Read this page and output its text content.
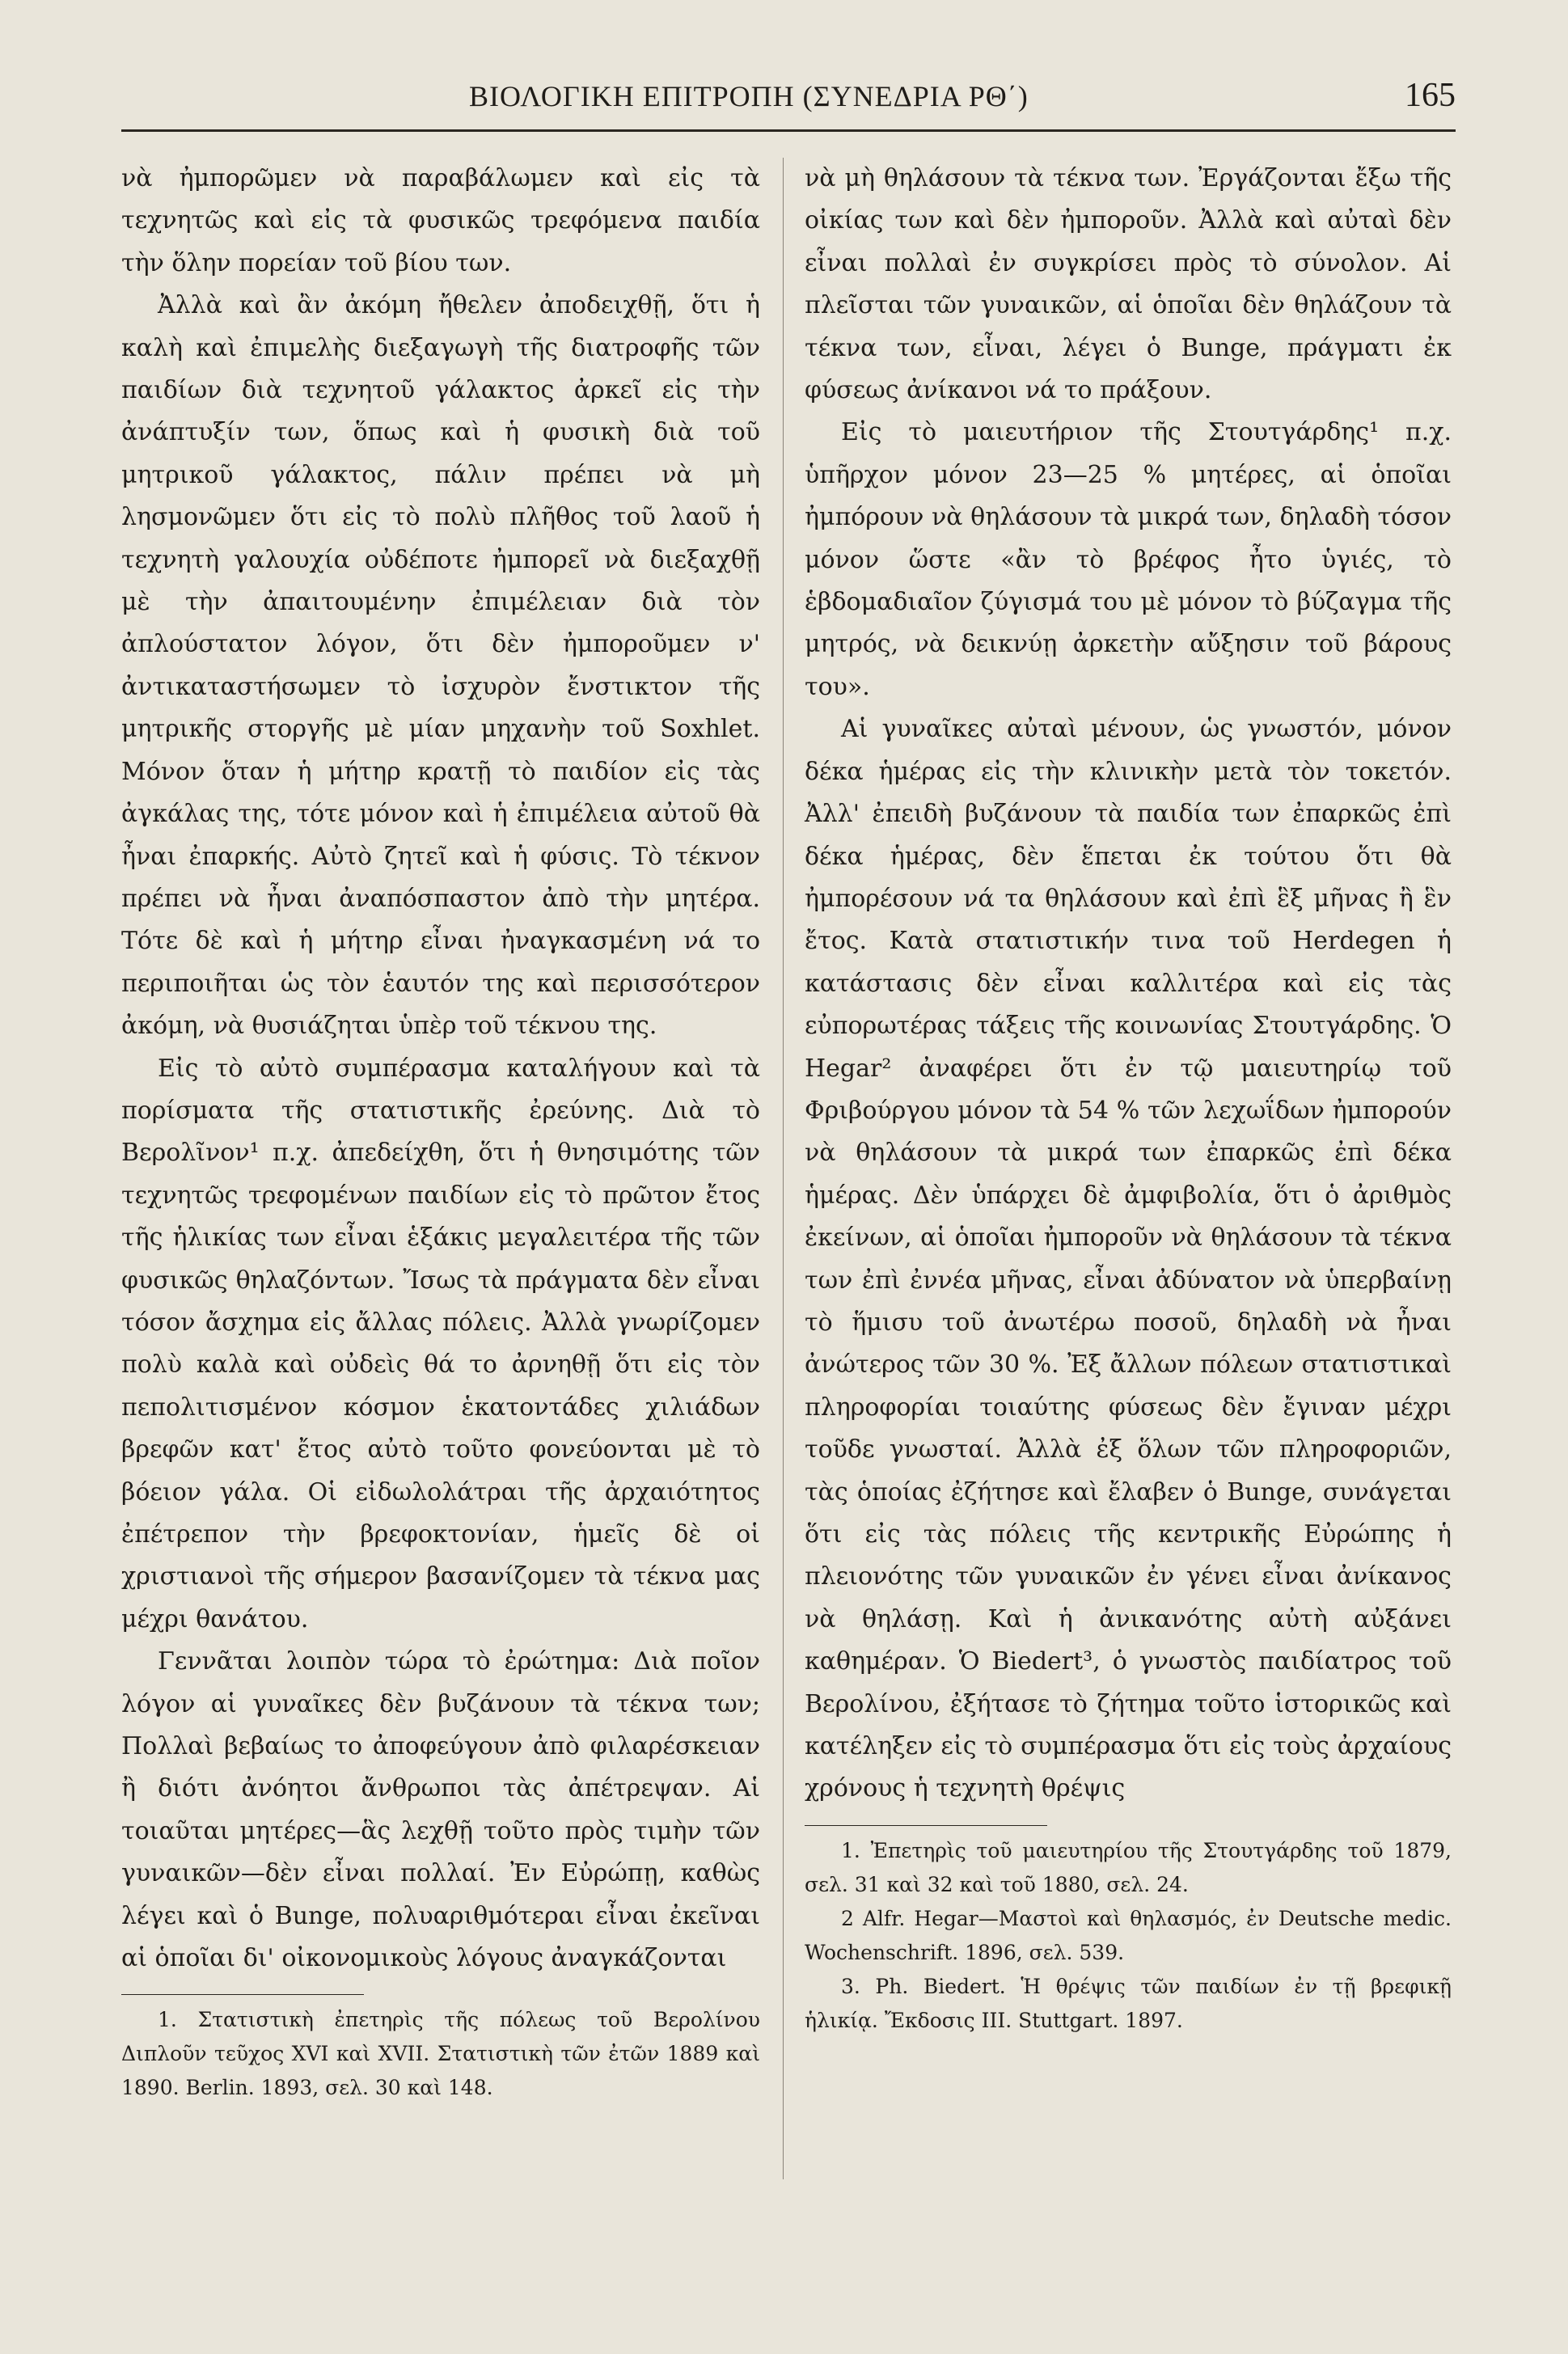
ΒΙΟΛΟΓΙΚΗ ΕΠΙΤΡΟΠΗ (ΣΥΝΕΔΡΙΑ ΡΘ΄)	165

νὰ ἠμπορῶμεν νὰ παραβάλωμεν καὶ εἰς τὰ τεχνητῶς καὶ εἰς τὰ φυσικῶς τρεφόμενα παιδία τὴν ὅλην πορείαν τοῦ βίου των.

Ἀλλὰ καὶ ἂν ἀκόμη ἤθελεν ἀποδειχθῇ, ὅτι ἡ καλὴ καὶ ἐπιμελὴς διεξαγωγὴ τῆς διατροφῆς τῶν παιδίων διὰ τεχνητοῦ γάλακτος ἀρκεῖ εἰς τὴν ἀνάπτυξίν των, ὅπως καὶ ἡ φυσικὴ διὰ τοῦ μητρικοῦ γάλακτος, πάλιν πρέπει νὰ μὴ λησμονῶμεν ὅτι εἰς τὸ πολὺ πλῆθος τοῦ λαοῦ ἡ τεχνητὴ γαλουχία οὐδέποτε ἠμπορεῖ νὰ διεξαχθῇ μὲ τὴν ἀπαιτουμένην ἐπιμέλειαν διὰ τὸν ἀπλούστατον λόγον, ὅτι δὲν ἠμποροῦμεν ν' ἀντικαταστήσωμεν τὸ ἰσχυρὸν ἔνστικτον τῆς μητρικῆς στοργῆς μὲ μίαν μηχανὴν τοῦ Soxhlet. Μόνον ὅταν ἡ μήτηρ κρατῇ τὸ παιδίον εἰς τὰς ἀγκάλας της, τότε μόνον καὶ ἡ ἐπιμέλεια αὐτοῦ θὰ ἦναι ἐπαρκής. Αὐτὸ ζητεῖ καὶ ἡ φύσις. Τὸ τέκνον πρέπει νὰ ἦναι ἀναπόσπαστον ἀπὸ τὴν μητέρα. Τότε δὲ καὶ ἡ μήτηρ εἶναι ἠναγκασμένη νά το περιποιῆται ὡς τὸν ἑαυτόν της καὶ περισσότερον ἀκόμη, νὰ θυσιάζηται ὑπὲρ τοῦ τέκνου της.

Εἰς τὸ αὐτὸ συμπέρασμα καταλήγουν καὶ τὰ πορίσματα τῆς στατιστικῆς ἐρεύνης. Διὰ τὸ Βερολῖνον¹ π.χ. ἀπεδείχθη, ὅτι ἡ θνησιμότης τῶν τεχνητῶς τρεφομένων παιδίων εἰς τὸ πρῶτον ἔτος τῆς ἡλικίας των εἶναι ἑξάκις μεγαλειτέρα τῆς τῶν φυσικῶς θηλαζόντων. Ἴσως τὰ πράγματα δὲν εἶναι τόσον ἄσχημα εἰς ἄλλας πόλεις. Ἀλλὰ γνωρίζομεν πολὺ καλὰ καὶ οὐδεὶς θά το ἀρνηθῇ ὅτι εἰς τὸν πεπολιτισμένον κόσμον ἑκατοντάδες χιλιάδων βρεφῶν κατ' ἔτος αὐτὸ τοῦτο φονεύονται μὲ τὸ βόειον γάλα. Οἱ εἰδωλολάτραι τῆς ἀρχαιότητος ἐπέτρεπον τὴν βρεφοκτονίαν, ἡμεῖς δὲ οἱ χριστιανοὶ τῆς σήμερον βασανίζομεν τὰ τέκνα μας μέχρι θανάτου.

Γεννᾶται λοιπὸν τώρα τὸ ἐρώτημα: Διὰ ποῖον λόγον αἱ γυναῖκες δὲν βυζάνουν τὰ τέκνα των; Πολλαὶ βεβαίως το ἀποφεύγουν ἀπὸ φιλαρέσκειαν ἢ διότι ἀνόητοι ἄνθρωποι τὰς ἀπέτρεψαν. Αἱ τοιαῦται μητέρες—ἃς λεχθῇ τοῦτο πρὸς τιμὴν τῶν γυναικῶν—δὲν εἶναι πολλαί. Ἐν Εὐρώπῃ, καθὼς λέγει καὶ ὁ Bunge, πολυαριθμότεραι εἶναι ἐκεῖναι αἱ ὁποῖαι δι' οἰκονομικοὺς λόγους ἀναγκάζονται

1. Στατιστικὴ ἐπετηρὶς τῆς πόλεως τοῦ Βερολίνου Διπλοῦν τεῦχος XVI καὶ XVII. Στατιστικὴ τῶν ἐτῶν 1889 καὶ 1890. Berlin. 1893, σελ. 30 καὶ 148.

νὰ μὴ θηλάσουν τὰ τέκνα των. Ἐργάζονται ἔξω τῆς οἰκίας των καὶ δὲν ἠμποροῦν. Ἀλλὰ καὶ αὐταὶ δὲν εἶναι πολλαὶ ἐν συγκρίσει πρὸς τὸ σύνολον. Αἱ πλεῖσται τῶν γυναικῶν, αἱ ὁποῖαι δὲν θηλάζουν τὰ τέκνα των, εἶναι, λέγει ὁ Bunge, πράγματι ἐκ φύσεως ἀνίκανοι νά το πράξουν.

Εἰς τὸ μαιευτήριον τῆς Στουτγάρδης¹ π.χ. ὑπῆρχον μόνον 23—25 % μητέρες, αἱ ὁποῖαι ἠμπόρουν νὰ θηλάσουν τὰ μικρά των, δηλαδὴ τόσον μόνον ὥστε «ἂν τὸ βρέφος ἦτο ὑγιές, τὸ ἑβδομαδιαῖον ζύγισμά του μὲ μόνον τὸ βύζαγμα τῆς μητρός, νὰ δεικνύῃ ἀρκετὴν αὔξησιν τοῦ βάρους του».

Αἱ γυναῖκες αὐταὶ μένουν, ὡς γνωστόν, μόνον δέκα ἡμέρας εἰς τὴν κλινικὴν μετὰ τὸν τοκετόν. Ἀλλ' ἐπειδὴ βυζάνουν τὰ παιδία των ἐπαρκῶς ἐπὶ δέκα ἡμέρας, δὲν ἕπεται ἐκ τούτου ὅτι θὰ ἠμπορέσουν νά τα θηλάσουν καὶ ἐπὶ ἓξ μῆνας ἢ ἓν ἔτος. Κατὰ στατιστικήν τινα τοῦ Herdegen ἡ κατάστασις δὲν εἶναι καλλιτέρα καὶ εἰς τὰς εὐπορωτέρας τάξεις τῆς κοινωνίας Στουτγάρδης. Ὁ Hegar² ἀναφέρει ὅτι ἐν τῷ μαιευτηρίῳ τοῦ Φριβούργου μόνον τὰ 54 % τῶν λεχωΐδων ἠμπορούν νὰ θηλάσουν τὰ μικρά των ἐπαρκῶς ἐπὶ δέκα ἡμέρας. Δὲν ὑπάρχει δὲ ἀμφιβολία, ὅτι ὁ ἀριθμὸς ἐκείνων, αἱ ὁποῖαι ἠμποροῦν νὰ θηλάσουν τὰ τέκνα των ἐπὶ ἐννέα μῆνας, εἶναι ἀδύνατον νὰ ὑπερβαίνῃ τὸ ἥμισυ τοῦ ἀνωτέρω ποσοῦ, δηλαδὴ νὰ ἦναι ἀνώτερος τῶν 30 %. Ἐξ ἄλλων πόλεων στατιστικαὶ πληροφορίαι τοιαύτης φύσεως δὲν ἔγιναν μέχρι τοῦδε γνωσταί. Ἀλλὰ ἐξ ὅλων τῶν πληροφοριῶν, τὰς ὁποίας ἐζήτησε καὶ ἔλαβεν ὁ Bunge, συνάγεται ὅτι εἰς τὰς πόλεις τῆς κεντρικῆς Εὐρώπης ἡ πλειονότης τῶν γυναικῶν ἐν γένει εἶναι ἀνίκανος νὰ θηλάσῃ. Καὶ ἡ ἀνικανότης αὐτὴ αὐξάνει καθημέραν. Ὁ Biedert³, ὁ γνωστὸς παιδίατρος τοῦ Βερολίνου, ἐξήτασε τὸ ζήτημα τοῦτο ἱστορικῶς καὶ κατέληξεν εἰς τὸ συμπέρασμα ὅτι εἰς τοὺς ἀρχαίους χρόνους ἡ τεχνητὴ θρέψις

1. Ἐπετηρὶς τοῦ μαιευτηρίου τῆς Στουτγάρδης τοῦ 1879, σελ. 31 καὶ 32 καὶ τοῦ 1880, σελ. 24.

2 Alfr. Hegar—Μαστοὶ καὶ θηλασμός, ἐν Deutsche medic. Wochenschrift. 1896, σελ. 539.

3. Ph. Biedert. Ἡ θρέψις τῶν παιδίων ἐν τῇ βρεφικῇ ἡλικίᾳ. Ἔκδοσις III. Stuttgart. 1897.
